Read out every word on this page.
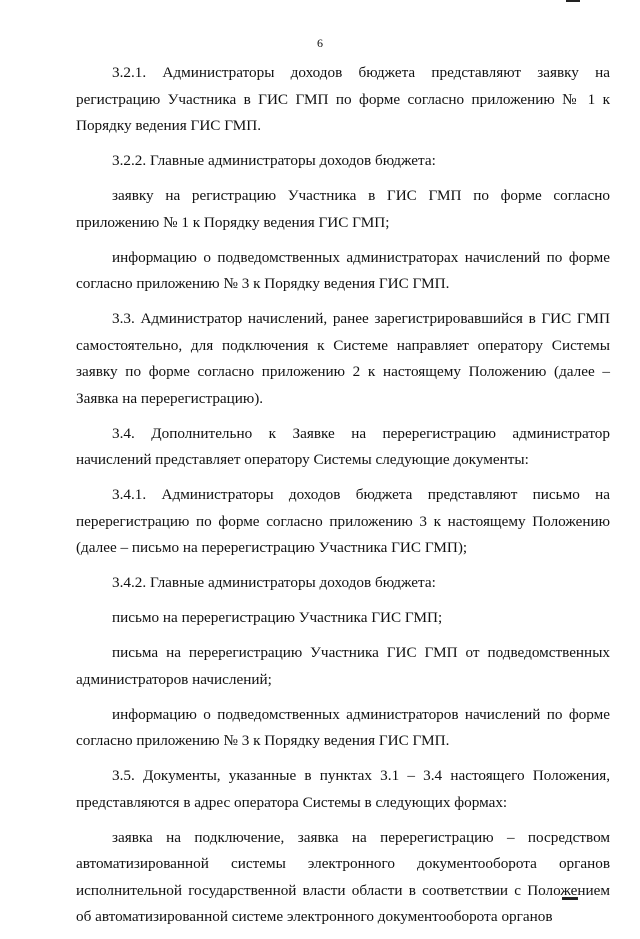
6

3.2.1. Администраторы доходов бюджета представляют заявку на регистрацию Участника в ГИС ГМП по форме согласно приложению № 1 к Порядку ведения ГИС ГМП.

3.2.2. Главные администраторы доходов бюджета:

заявку на регистрацию Участника в ГИС ГМП по форме согласно приложению № 1 к Порядку ведения ГИС ГМП;

информацию о подведомственных администраторах начислений по форме согласно приложению № 3 к Порядку ведения ГИС ГМП.

3.3. Администратор начислений, ранее зарегистрировавшийся в ГИС ГМП самостоятельно, для подключения к Системе направляет оператору Системы заявку по форме согласно приложению 2 к настоящему Положению (далее – Заявка на перерегистрацию).

3.4. Дополнительно к Заявке на перерегистрацию администратор начислений представляет оператору Системы следующие документы:

3.4.1. Администраторы доходов бюджета представляют письмо на перерегистрацию по форме согласно приложению 3 к настоящему Положению (далее – письмо на перерегистрацию Участника ГИС ГМП);

3.4.2. Главные администраторы доходов бюджета:

письмо на перерегистрацию Участника ГИС ГМП;

письма на перерегистрацию Участника ГИС ГМП от подведомственных администраторов начислений;

информацию о подведомственных администраторов начислений по форме согласно приложению № 3 к Порядку ведения ГИС ГМП.

3.5. Документы, указанные в пунктах 3.1 – 3.4 настоящего Положения, представляются в адрес оператора Системы в следующих формах:

заявка на подключение, заявка на перерегистрацию – посредством автоматизированной системы электронного документооборота органов исполнительной государственной власти области в соответствии с Положением об автоматизированной системе электронного документооборота органов
